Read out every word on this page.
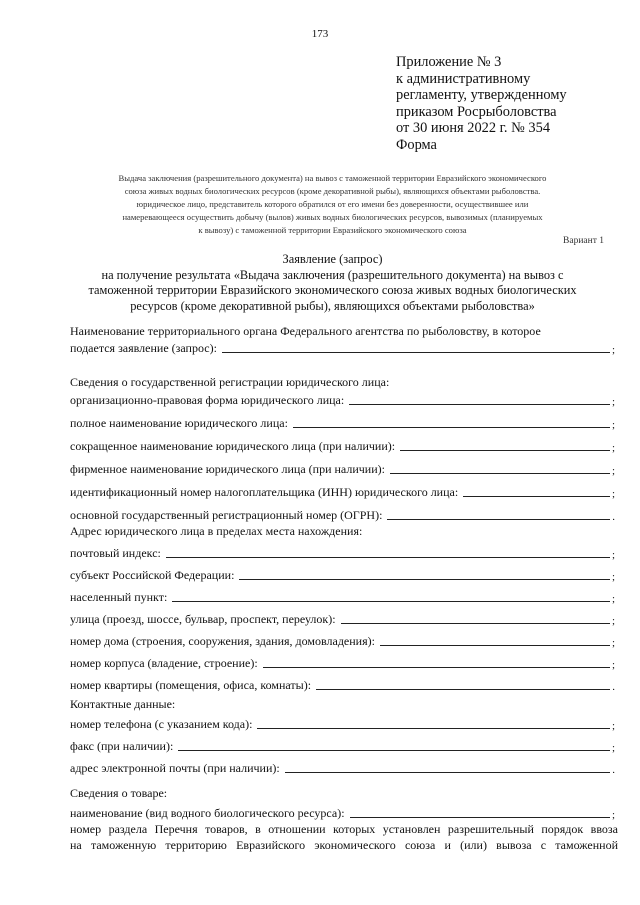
173
Приложение № 3
к административному
регламенту, утвержденному
приказом Росрыболовства
от 30 июня 2022 г. № 354
Форма
Выдача заключения (разрешительного документа) на вывоз с таможенной территории Евразийского экономического
союза живых водных биологических ресурсов (кроме декоративной рыбы), являющихся объектами рыболовства.
юридическое лицо, представитель которого обратился от его имени без доверенности, осуществившее или
намеревающееся осуществить добычу (вылов) живых водных биологических ресурсов, вывозимых (планируемых
к вывозу) с таможенной территории Евразийского экономического союза
Вариант 1
Заявление (запрос)
на получение результата «Выдача заключения (разрешительного документа) на вывоз с
таможенной территории Евразийского экономического союза живых водных биологических
ресурсов (кроме декоративной рыбы), являющихся объектами рыболовства»
Наименование территориального органа Федерального агентства по рыболовству, в которое
подается заявление (запрос):	;
Сведения о государственной регистрации юридического лица:
организационно-правовая форма юридического лица:	;
полное наименование юридического лица:	;
сокращенное наименование юридического лица (при наличии):	;
фирменное наименование юридического лица (при наличии):	;
идентификационный номер налогоплательщика (ИНН) юридического лица:	;
основной государственный регистрационный номер (ОГРН):	.
Адрес юридического лица в пределах места нахождения:
почтовый индекс:	;
субъект Российской Федерации:	;
населенный пункт:	;
улица (проезд, шоссе, бульвар, проспект, переулок):	;
номер дома (строения, сооружения, здания, домовладения):	;
номер корпуса (владение, строение):	;
номер квартиры (помещения, офиса, комнаты):	.
Контактные данные:
номер телефона (с указанием кода):	;
факс (при наличии):	;
адрес электронной почты (при наличии):	.
Сведения о товаре:
наименование (вид водного биологического ресурса):	;
номер раздела Перечня товаров, в отношении которых установлен разрешительный порядок ввоза
на таможенную территорию Евразийского экономического союза и (или) вывоза с таможенной
